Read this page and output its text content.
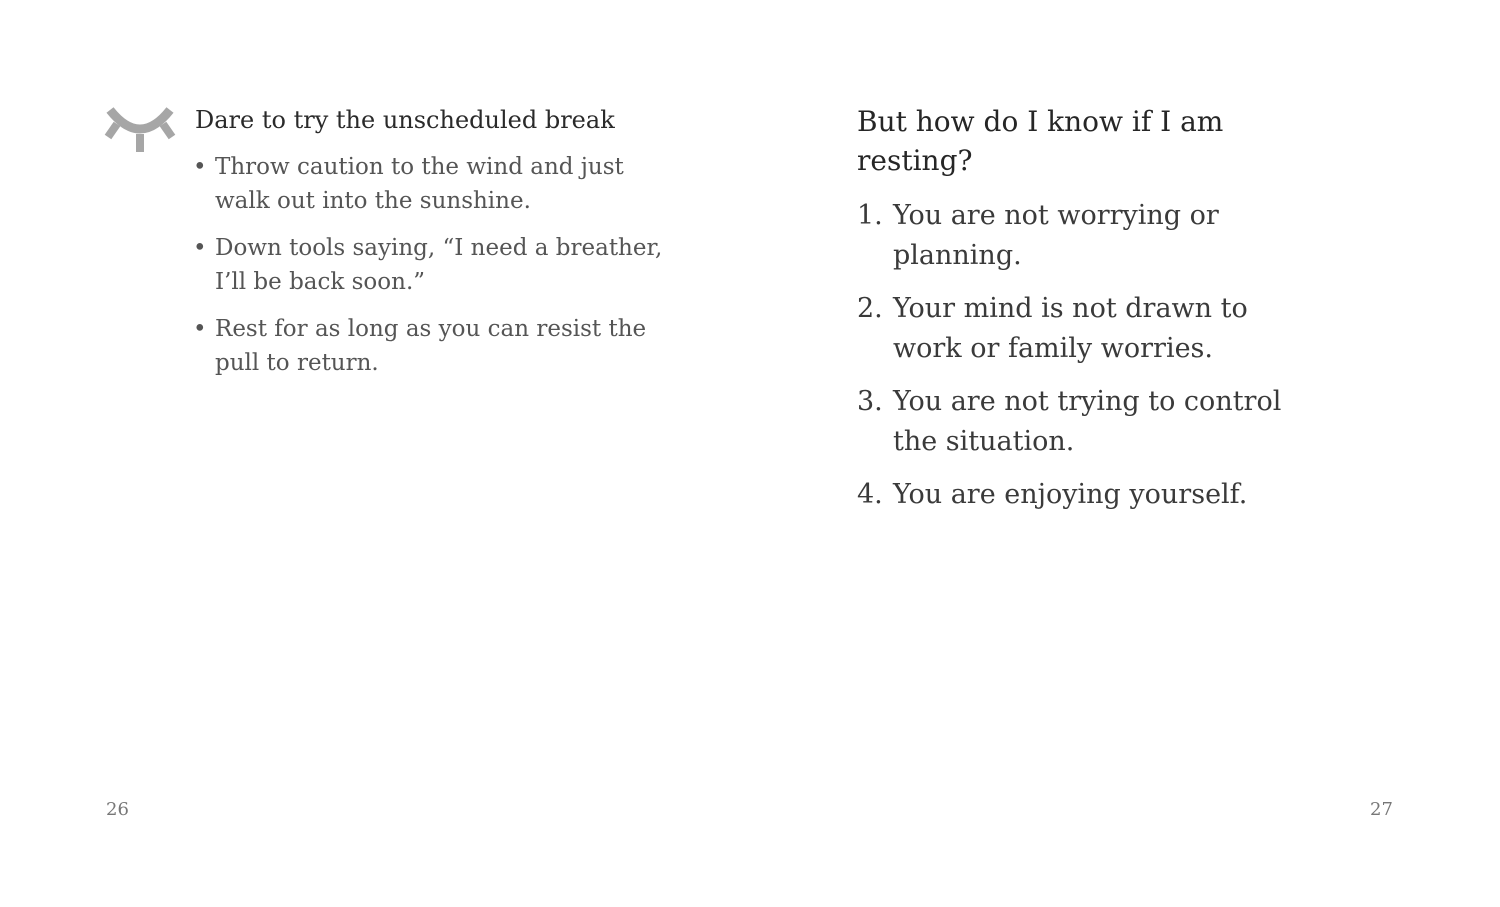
Dare to try the unscheduled break
• Throw caution to the wind and just walk out into the sunshine.
• Down tools saying, “I need a breather, I’ll be back soon.”
• Rest for as long as you can resist the pull to return.
26
But how do I know if I am resting?
1. You are not worrying or planning.
2. Your mind is not drawn to work or family worries.
3. You are not trying to control the situation.
4. You are enjoying yourself.
27
